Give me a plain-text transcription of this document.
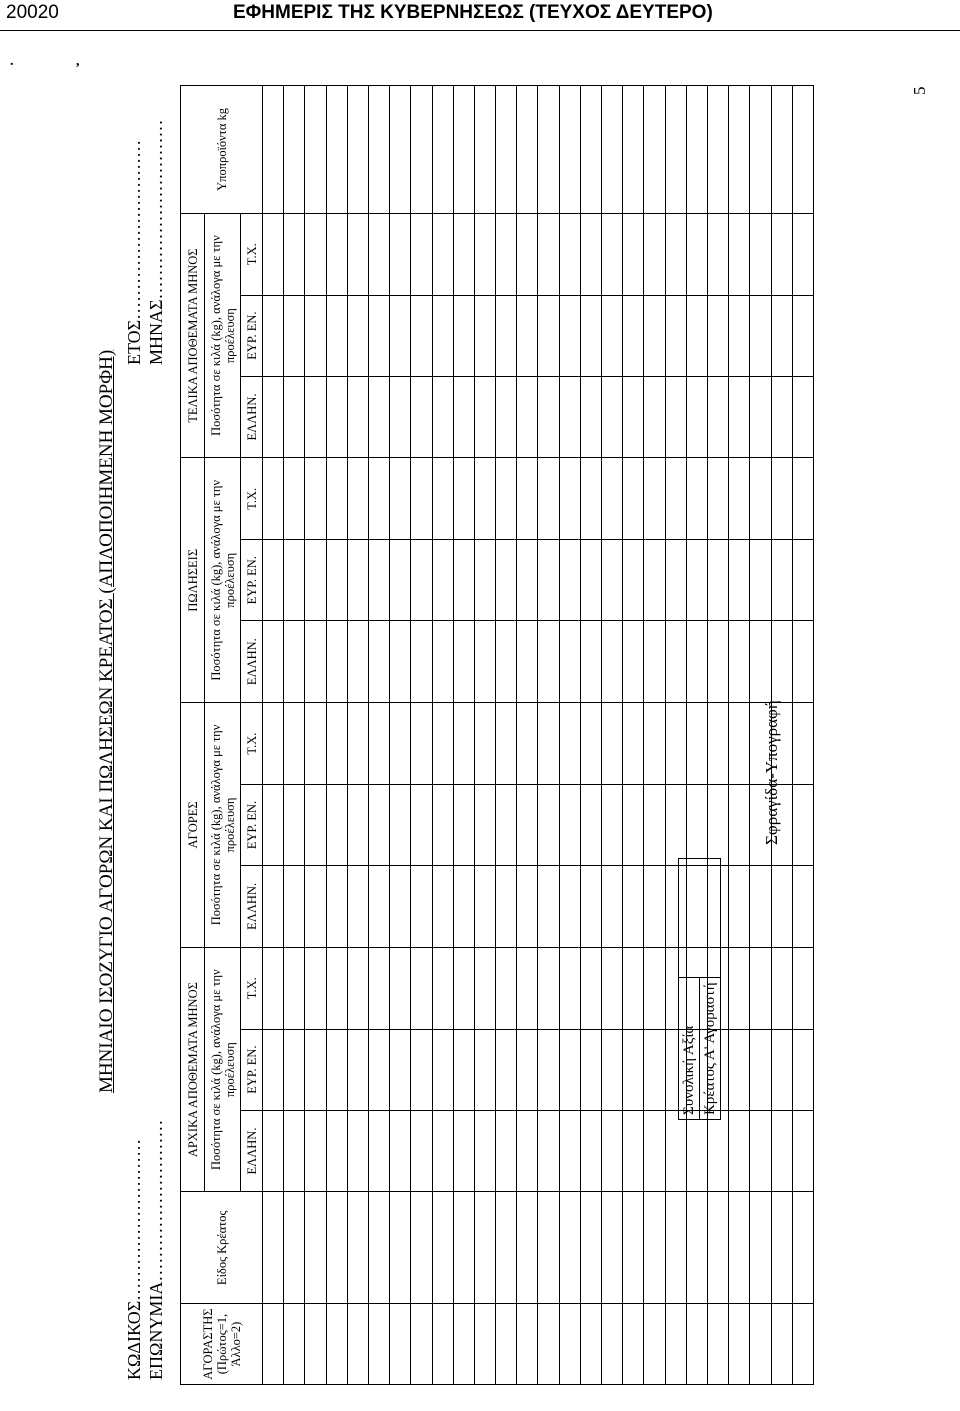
20020	ΕΦΗΜΕΡΙΣ ΤΗΣ ΚΥΒΕΡΝΗΣΕΩΣ (ΤΕΥΧΟΣ ΔΕΥΤΕΡΟ)
.	,
ΜΗΝΙΑΙΟ ΙΣΟΖΥΓΙΟ ΑΓΟΡΩΝ ΚΑΙ ΠΩΛΗΣΕΩΝ ΚΡΕΑΤΟΣ (ΑΠΛΟΠΟΙΗΜΕΝΗ ΜΟΡΦΗ)
ΚΩΔΙΚΟΣ……………………… ΕΠΩΝΥΜΙΑ………………………
ΕΤΟΣ………………………… ΜΗΝΑΣ…………………………
ΑΓΟΡΑΣΤΗΣ (Πρώτος=1, Άλλο=2)	Είδος Κρέατος	ΑΡΧΙΚΑ ΑΠΟΘΕΜΑΤΑ ΜΗΝΟΣ			ΑΓΟΡΕΣ			ΠΩΛΗΣΕΙΣ			ΤΕΛΙΚΑ ΑΠΟΘΕΜΑΤΑ ΜΗΝΟΣ			Υποπροϊόντα kg
		Ποσότητα σε κιλά (kg), ανάλογα με την προέλευση			Ποσότητα σε κιλά (kg), ανάλογα με την προέλευση			Ποσότητα σε κιλά (kg), ανάλογα με την προέλευση			Ποσότητα σε κιλά (kg), ανάλογα με την προέλευση			
		ΕΛΛΗΝ.	ΕΥΡ. ΕΝ.	Τ.Χ.	ΕΛΛΗΝ.	ΕΥΡ. ΕΝ.	Τ.Χ.	ΕΛΛΗΝ.	ΕΥΡ. ΕΝ.	Τ.Χ.	ΕΛΛΗΝ.	ΕΥΡ. ΕΝ.	Τ.Χ.	

Συνολική Αξία	
Κρέατος Α' Αγοραστή
Σφραγίδα-Υπογραφή
5
